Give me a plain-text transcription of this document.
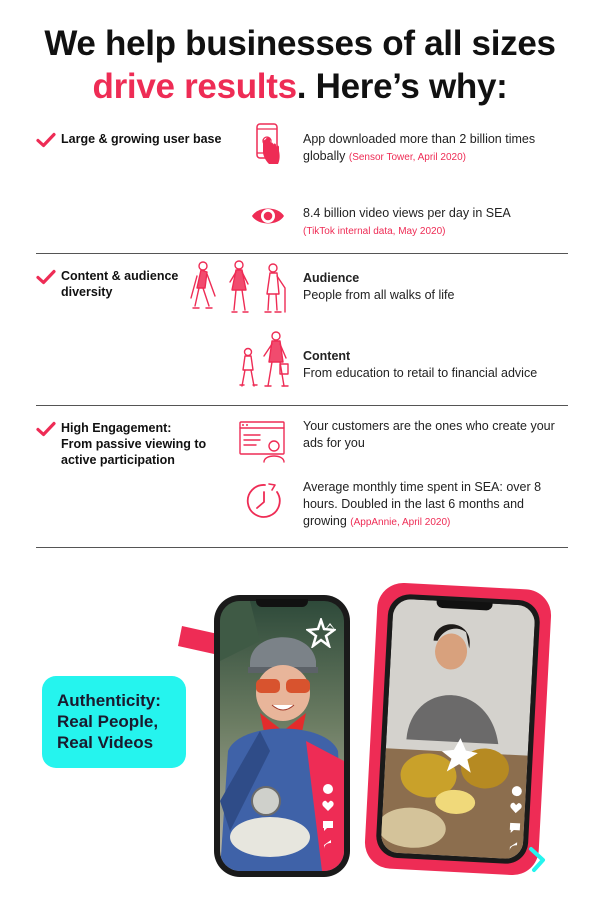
We help businesses of all sizes
drive results. Here’s why:
Large & growing user base	App downloaded more than 2 billion times globally (Sensor Tower, April 2020)
8.4 billion video views per day in SEA
(TikTok internal data, May 2020)
Content & audience diversity
Audience
People from all walks of life
Content
From education to retail to financial advice
High Engagement:
From passive viewing to active participation
Your customers are the ones who create your ads for you
Average monthly time spent in SEA: over 8 hours. Doubled in the last 6 months and growing (AppAnnie, April 2020)
Authenticity:
Real People,
Real Videos
